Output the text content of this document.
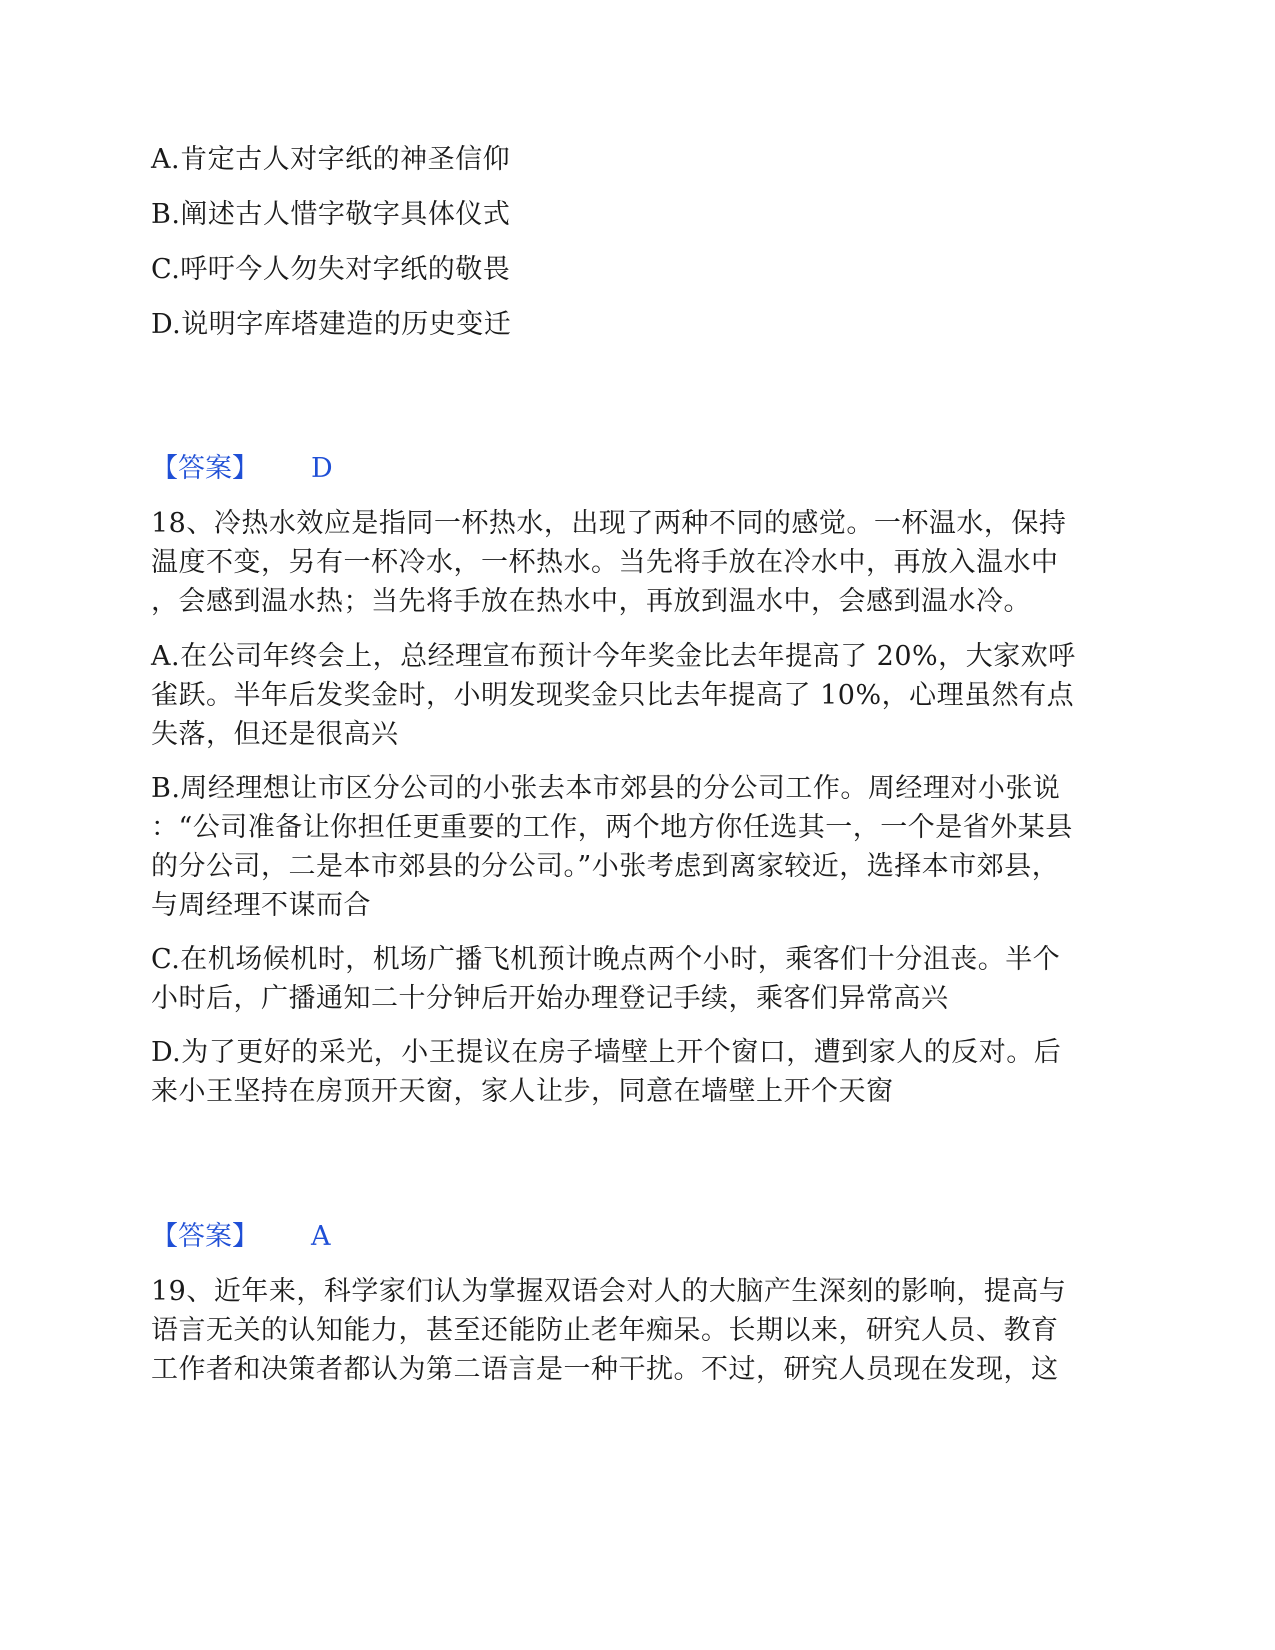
A.肯定古人对字纸的神圣信仰
B.阐述古人惜字敬字具体仪式
C.呼吁今人勿失对字纸的敬畏
D.说明字库塔建造的历史变迁
【答案】 D
18、冷热水效应是指同一杯热水，出现了两种不同的感觉。一杯温水，保持
温度不变，另有一杯冷水，一杯热水。当先将手放在冷水中，再放入温水中
，会感到温水热；当先将手放在热水中，再放到温水中，会感到温水冷。
A.在公司年终会上，总经理宣布预计今年奖金比去年提高了 20%，大家欢呼
雀跃。半年后发奖金时，小明发现奖金只比去年提高了 10%，心理虽然有点
失落，但还是很高兴
B.周经理想让市区分公司的小张去本市郊县的分公司工作。周经理对小张说
：“公司准备让你担任更重要的工作，两个地方你任选其一，一个是省外某县
的分公司，二是本市郊县的分公司。”小张考虑到离家较近，选择本市郊县，
与周经理不谋而合
C.在机场候机时，机场广播飞机预计晚点两个小时，乘客们十分沮丧。半个
小时后，广播通知二十分钟后开始办理登记手续，乘客们异常高兴
D.为了更好的采光，小王提议在房子墙壁上开个窗口，遭到家人的反对。后
来小王坚持在房顶开天窗，家人让步，同意在墙壁上开个天窗
【答案】 A
19、近年来，科学家们认为掌握双语会对人的大脑产生深刻的影响，提高与
语言无关的认知能力，甚至还能防止老年痴呆。长期以来，研究人员、教育
工作者和决策者都认为第二语言是一种干扰。不过，研究人员现在发现，这
